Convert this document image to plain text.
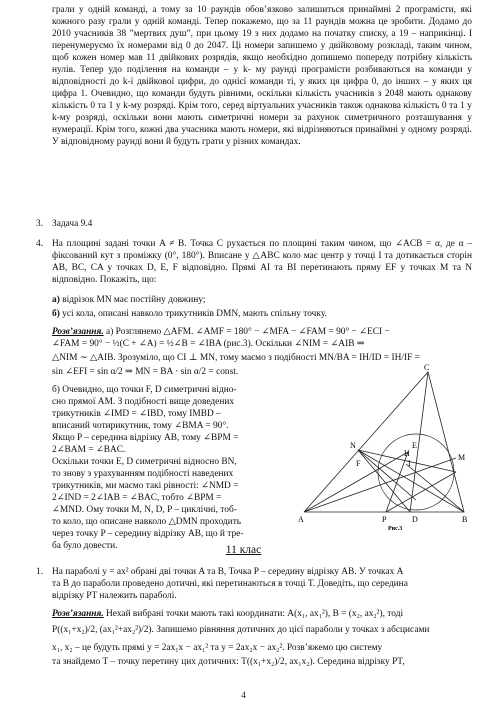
грали у одній команді, а тому за 10 раундів обов’язково залишиться принаймні 2 програмісти, які кожного разу грали у одній команді. Тепер покажемо, що за 11 раундів можна це зробити. Додамо до 2010 учасників 38 ”мертвих душ”, при цьому 19 з них додамо на початку списку, а 19 – наприкінці. І перенумеруємо їх номерами від 0 до 2047. Ці номери запишемо у двійковому розкладі, таким чином, щоб кожен номер мав 11 двійкових розрядів, якщо необхідно допишемо попереду потрібну кількість нулів. Тепер удо поділення на команди – у k- му раунді програмісти розбиваються на команди у відповідності до k-ї двійкової цифри, до однієї команди ті, у яких ця цифра 0, до інших – у яких ця цифра 1. Очевидно, що команди будуть рівними, оскільки кількість учасників з 2048 мають однакову кількість 0 та 1 у k-му розряді. Крім того, серед віртуальних учасників також однакова кількість 0 та 1 у k-му розряді, оскільки вони мають симетричні номери за рахунок симетричного розташування у нумерації. Крім того, кожні два учасника мають номери, які відрізняються принаймні у одному розряді. У відповідному раунді вони й будуть грати у різних командах.
3. Задача 9.4
4. На площині задані точки A ≠ B. Точка C рухається по площині таким чином, що ∠ACB = α, де α – фіксований кут з проміжку (0°, 180°). Вписане у △ABC коло має центр у точці I та дотикається сторін AB, BC, CA у точках D, E, F відповідно. Прямі AI та BI перетинають пряму EF у точках M та N відповідно. Покажіть, що:
а) відрізок MN має постійну довжину;
б) усі кола, описані навколо трикутників DMN, мають спільну точку.
Розв’язання. а) Розглянемо △AFM. ∠AMF = 180° − ∠MFA − ∠FAM = 90° − ∠ECI −
∠FAM = 90° − ½(C + ∠A) = ½∠B = ∠IBA (рис.3). Оскільки ∠NIM = ∠AIB ⇒
△NIM ∼ △AIB. Зрозуміло, що CI ⊥ MN, тому маємо з подібності MN/BA = IH/ID = IH/IF =
sin ∠EFI = sin α/2 ⇒ MN = BA · sin α/2 = const.
б) Очевидно, що точки F, D симетричні відно-
сно прямої AM. З подібності вище доведених
трикутників ∠IMD = ∠IBD, тому IMBD –
вписаний чотирикутник, тому ∠BMA = 90°.
Якщо P – середина відрізку AB, тому ∠BPM =
2∠BAM = ∠BAC.
Оскільки точки E, D симетричні відносно BN,
то знову з урахуванням подібності наведених
трикутників, ми маємо такі рівності: ∠NMD =
2∠IND = 2∠IAB = ∠BAC, тобто ∠BPM =
∠MND. Ому точки M, N, D, P – циклічні, тоб-
то коло, що описане навколо △DMN проходить
через точку P – середину відрізку AB, що й тре-
ба було довести.
C
N
F	I
H
E
M
D
P
A	B
Рис.3
11 клас
1. На параболі y = ax² обрані дві точки A та B, Точка P – середину відрізку AB. У точках A
та B до параболи проведено дотичні, які перетинаються в точці T. Доведіть, що середина
відрізку PT належить параболі.
Розв’язання. Нехай вибрані точки мають такі координати: A(x₁, ax₁²), B = (x₂, ax₂²), тоді
P((x₁+x₂)/2, (ax₁²+ax₂²)/2). Запишемо рівняння дотичних до цієї параболи у точках з абсцисами
x₁, x₂ – це будуть прямі y = 2ax₁x − ax₁² та y = 2ax₂x − ax₂². Розв’яжемо цю систему
та знайдемо T – точку перетину цих дотичних: T((x₁+x₂)/2, ax₁x₂). Середина відрізку PT,
4
